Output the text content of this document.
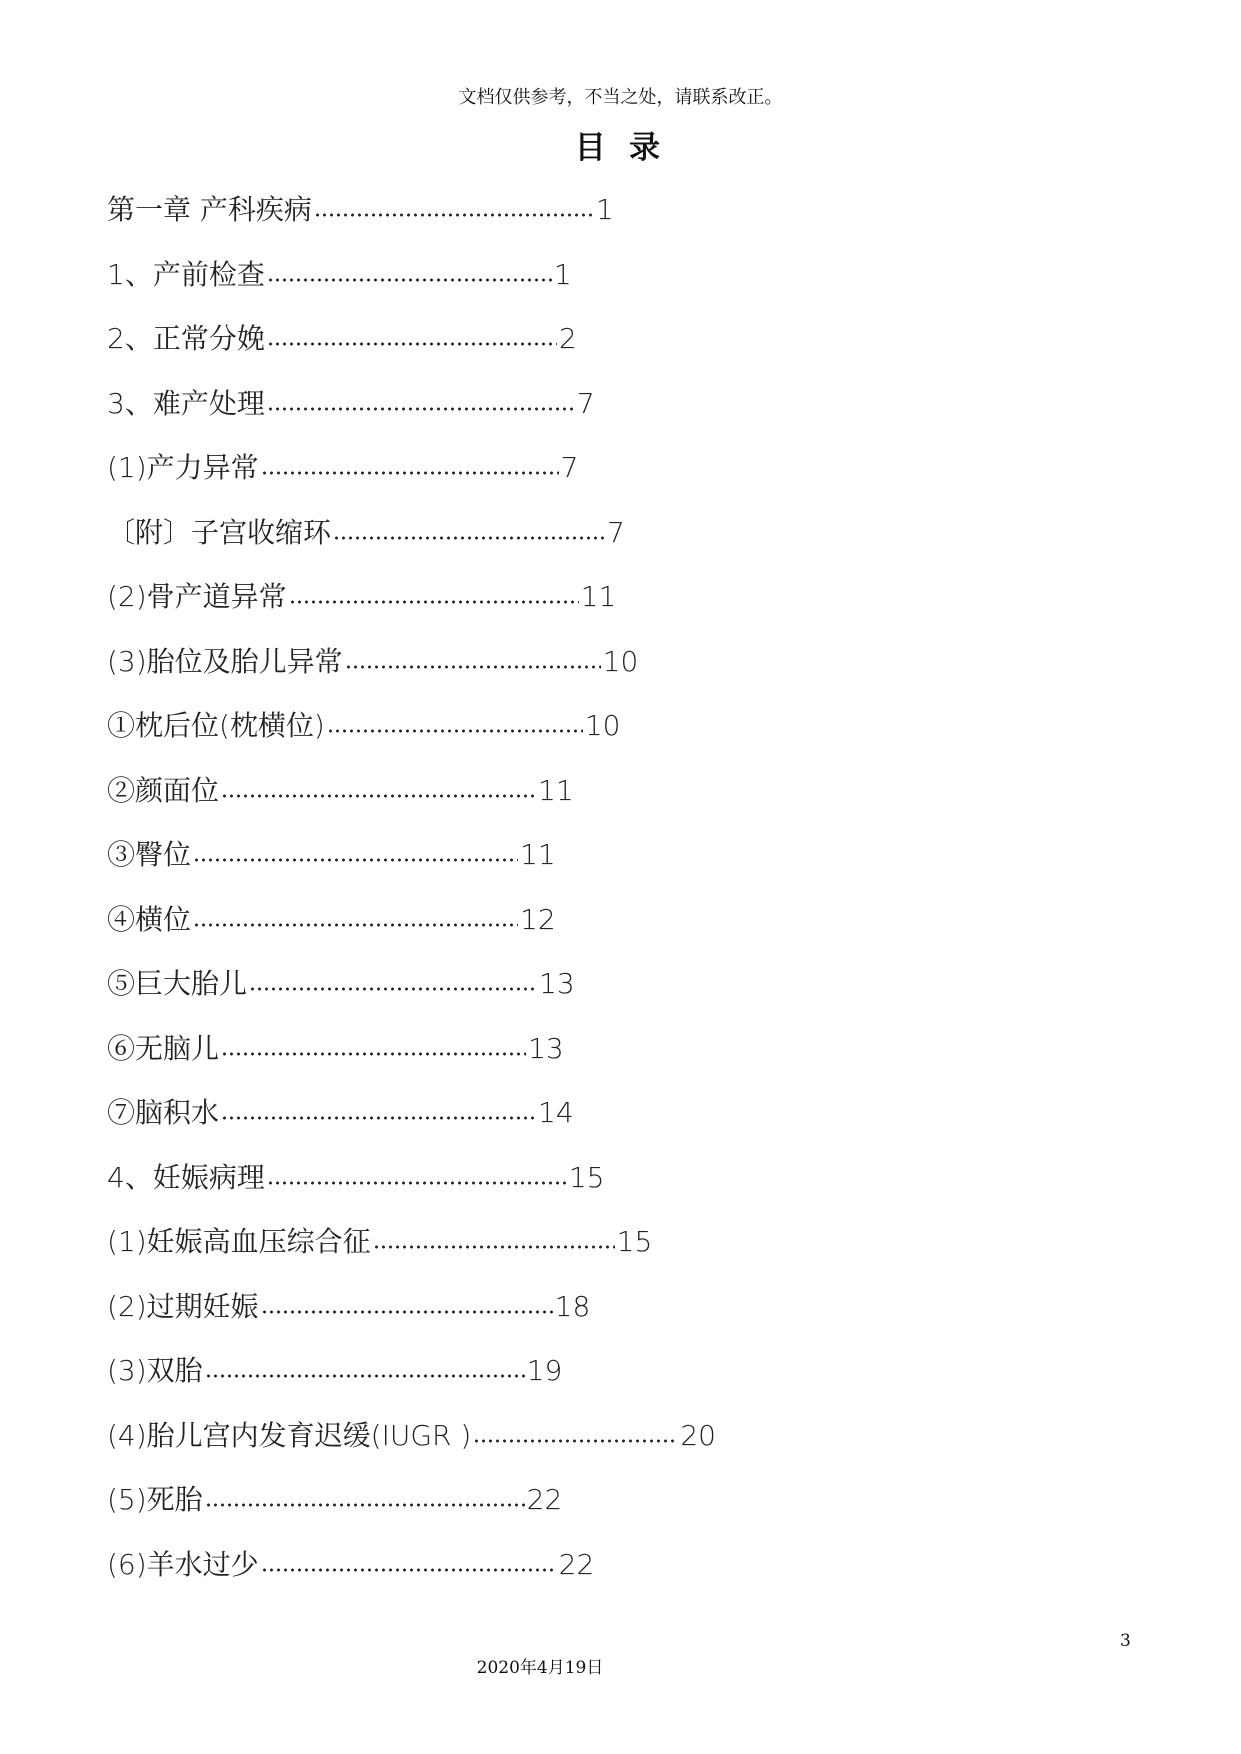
文档仅供参考，不当之处，请联系改正。
目 录
第一章 产科疾病	1
1、产前检查	1
2、正常分娩	2
3、难产处理	7
(1)产力异常	7
〔附〕子宫收缩环	7
(2)骨产道异常	11
(3)胎位及胎儿异常	10
①枕后位(枕横位)	10
②颜面位	11
③臀位	11
④横位	12
⑤巨大胎儿	13
⑥无脑儿	13
⑦脑积水	14
4、妊娠病理	15
(1)妊娠高血压综合征	15
(2)过期妊娠	18
(3)双胎	19
(4)胎儿宫内发育迟缓(IUGR )	20
(5)死胎	22
(6)羊水过少	22
3
2020年4月19日
